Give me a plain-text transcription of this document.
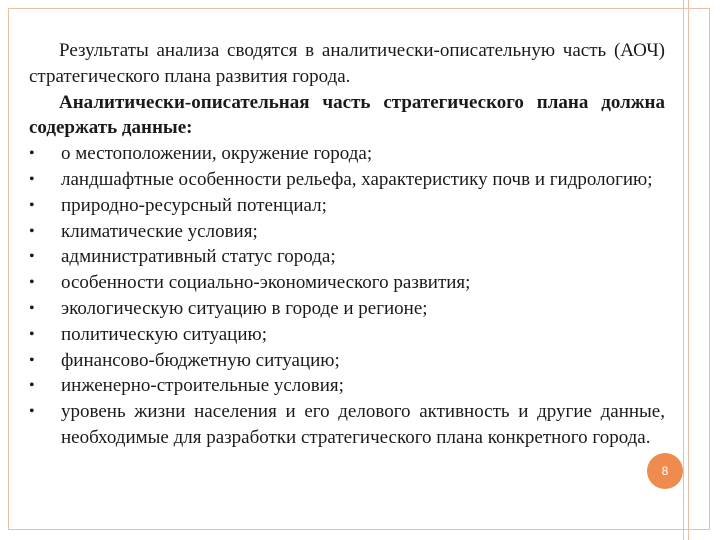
Результаты анализа сводятся в аналитически-описательную часть (АОЧ) стратегического плана развития города.

Аналитически-описательная часть стратегического плана должна содержать данные:

•	о местоположении, окружение города;
•	ландшафтные особенности рельефа, характеристику почв и гидрологию;
•	природно-ресурсный потенциал;
•	климатические условия;
•	административный статус города;
•	особенности социально-экономического развития;
•	экологическую ситуацию в городе и регионе;
•	политическую ситуацию;
•	финансово-бюджетную ситуацию;
•	инженерно-строительные условия;
•	уровень жизни населения и его делового активность и другие данные, необходимые для разработки стратегического плана конкретного города.
8
